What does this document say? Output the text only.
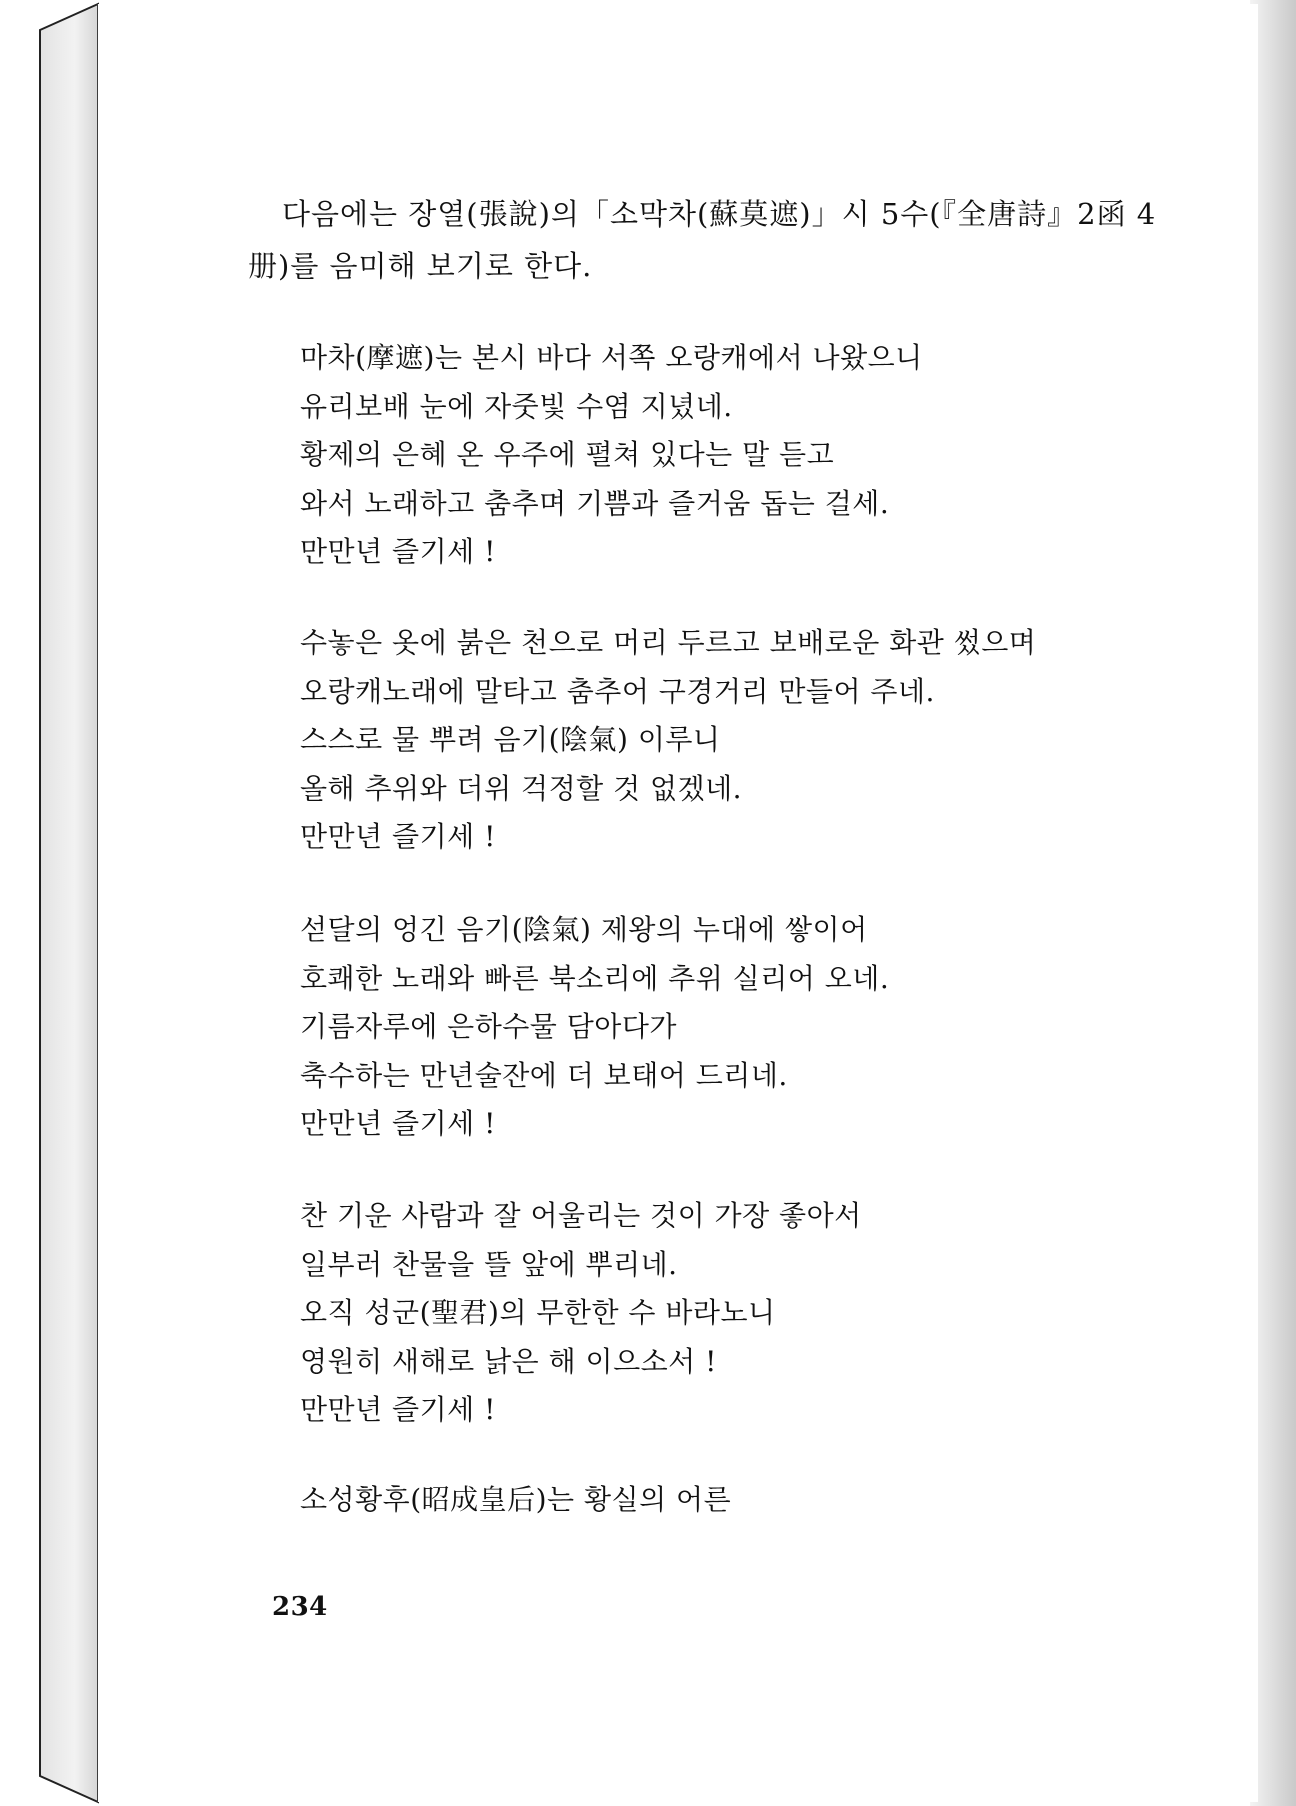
다음에는 장열(張說)의「소막차(蘇莫遮)」시 5수(『全唐詩』2函 4
册)를 음미해 보기로 한다.
마차(摩遮)는 본시 바다 서쪽 오랑캐에서 나왔으니
유리보배 눈에 자줏빛 수염 지녔네.
황제의 은혜 온 우주에 펼쳐 있다는 말 듣고
와서 노래하고 춤추며 기쁨과 즐거움 돕는 걸세.
만만년 즐기세 !
수놓은 옷에 붉은 천으로 머리 두르고 보배로운 화관 썼으며
오랑캐노래에 말타고 춤추어 구경거리 만들어 주네.
스스로 물 뿌려 음기(陰氣) 이루니
올해 추위와 더위 걱정할 것 없겠네.
만만년 즐기세 !
섣달의 엉긴 음기(陰氣) 제왕의 누대에 쌓이어
호쾌한 노래와 빠른 북소리에 추위 실리어 오네.
기름자루에 은하수물 담아다가
축수하는 만년술잔에 더 보태어 드리네.
만만년 즐기세 !
찬 기운 사람과 잘 어울리는 것이 가장 좋아서
일부러 찬물을 뜰 앞에 뿌리네.
오직 성군(聖君)의 무한한 수 바라노니
영원히 새해로 낡은 해 이으소서 !
만만년 즐기세 !
소성황후(昭成皇后)는 황실의 어른
234
